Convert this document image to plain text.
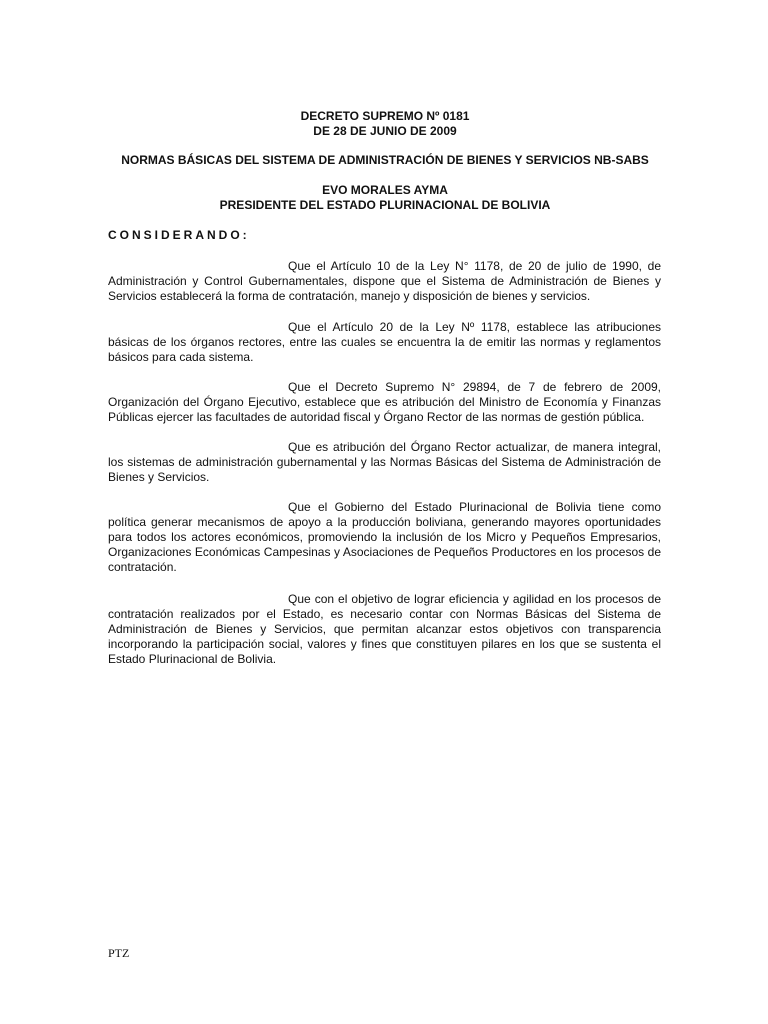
DECRETO SUPREMO Nº 0181
DE 28 DE JUNIO DE 2009
NORMAS BÁSICAS DEL SISTEMA DE ADMINISTRACIÓN DE BIENES Y SERVICIOS NB-SABS
EVO MORALES AYMA
PRESIDENTE DEL ESTADO PLURINACIONAL DE BOLIVIA
CONSIDERANDO:

Que el Artículo 10 de la Ley N° 1178, de 20 de julio de 1990, de Administración y Control Gubernamentales, dispone que el Sistema de Administración de Bienes y Servicios establecerá la forma de contratación, manejo y disposición de bienes y servicios.

Que el Artículo 20 de la Ley Nº 1178, establece las atribuciones básicas de los órganos rectores, entre las cuales se encuentra la de emitir las normas y reglamentos básicos para cada sistema.

Que el Decreto Supremo N° 29894, de 7 de febrero de 2009, Organización del Órgano Ejecutivo, establece que es atribución del Ministro de Economía y Finanzas Públicas ejercer las facultades de autoridad fiscal y Órgano Rector de las normas de gestión pública.

Que es atribución del Órgano Rector actualizar, de manera integral, los sistemas de administración gubernamental y las Normas Básicas del Sistema de Administración de Bienes y Servicios.

Que el Gobierno del Estado Plurinacional de Bolivia tiene como política generar mecanismos de apoyo a la producción boliviana, generando mayores oportunidades para todos los actores económicos, promoviendo la inclusión de los Micro y Pequeños Empresarios, Organizaciones Económicas Campesinas y Asociaciones de Pequeños Productores en los procesos de contratación.

Que con el objetivo de lograr eficiencia y agilidad en los procesos de contratación realizados por el Estado, es necesario contar con Normas Básicas del Sistema de Administración de Bienes y Servicios, que permitan alcanzar estos objetivos con transparencia incorporando la participación social, valores y fines que constituyen pilares en los que se sustenta el Estado Plurinacional de Bolivia.

PTZ
